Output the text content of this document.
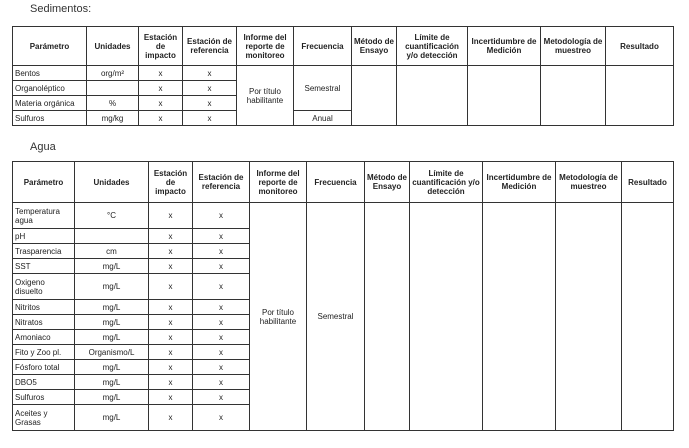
Sedimentos:
Parámetro	Unidades	Estación de impacto	Estación de referencia	Informe del reporte de monitoreo	Frecuencia	Método de Ensayo	Límite de cuantificación y/o detección	Incertidumbre de Medición	Metodología de muestreo	Resultado
Bentos	org/m²	x	x	Por título habilitante	Semestral					
Organoléptico		x	x							
Materia orgánica	%	x	x							
Sulfuros	mg/kg	x	x		Anual					
Agua
Parámetro	Unidades	Estación de impacto	Estación de referencia	Informe del reporte de monitoreo	Frecuencia	Método de Ensayo	Límite de cuantificación y/o detección	Incertidumbre de Medición	Metodología de muestreo	Resultado
Temperatura agua	°C	x	x	Por título habilitante	Semestral					
pH		x	x							
Trasparencia	cm	x	x							
SST	mg/L	x	x							
Oxigeno disuelto	mg/L	x	x							
Nitritos	mg/L	x	x							
Nitratos	mg/L	x	x							
Amoniaco	mg/L	x	x							
Fito y Zoo pl.	Organismo/L	x	x							
Fósforo total	mg/L	x	x							
DBO5	mg/L	x	x							
Sulfuros	mg/L	x	x							
Aceites y Grasas	mg/L	x	x							
